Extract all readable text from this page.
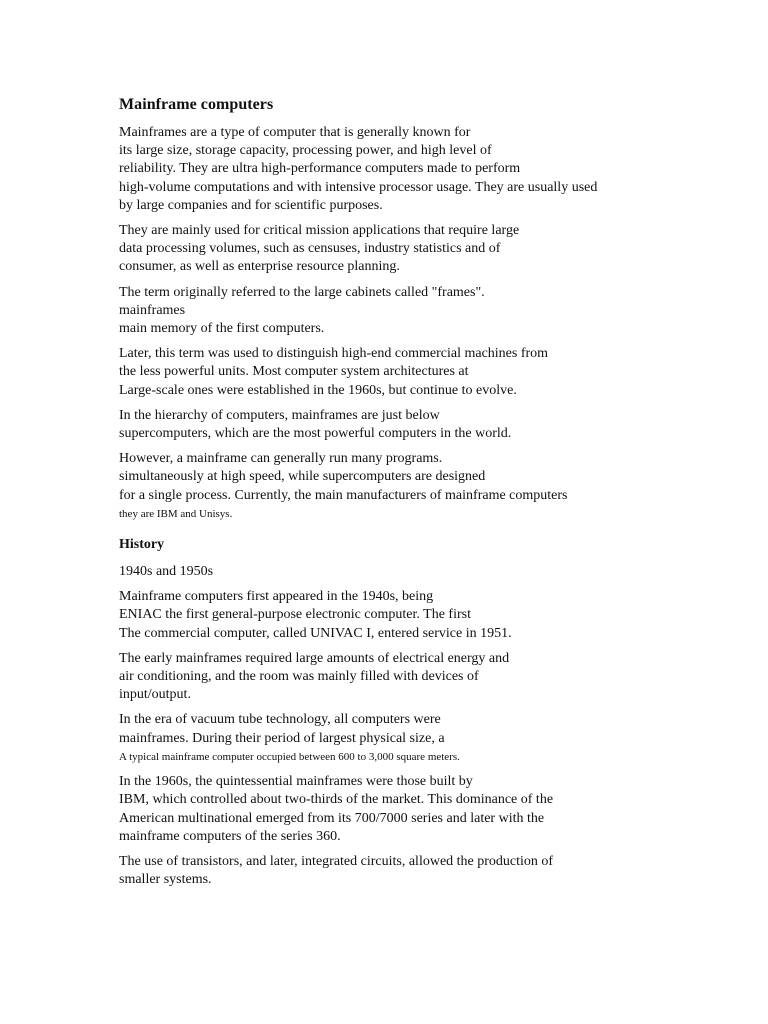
Mainframe computers
Mainframes are a type of computer that is generally known for
its large size, storage capacity, processing power, and high level of
reliability. They are ultra high-performance computers made to perform
high-volume computations and with intensive processor usage. They are usually used
by large companies and for scientific purposes.
They are mainly used for critical mission applications that require large
data processing volumes, such as censuses, industry statistics and of
consumer, as well as enterprise resource planning.
The term originally referred to the large cabinets called "frames".
mainframes
main memory of the first computers.
Later, this term was used to distinguish high-end commercial machines from
the less powerful units. Most computer system architectures at
Large-scale ones were established in the 1960s, but continue to evolve.
In the hierarchy of computers, mainframes are just below
supercomputers, which are the most powerful computers in the world.
However, a mainframe can generally run many programs.
simultaneously at high speed, while supercomputers are designed
for a single process. Currently, the main manufacturers of mainframe computers
they are IBM and Unisys.
History
1940s and 1950s
Mainframe computers first appeared in the 1940s, being
ENIAC the first general-purpose electronic computer. The first
The commercial computer, called UNIVAC I, entered service in 1951.
The early mainframes required large amounts of electrical energy and
air conditioning, and the room was mainly filled with devices of
input/output.
In the era of vacuum tube technology, all computers were
mainframes. During their period of largest physical size, a
A typical mainframe computer occupied between 600 to 3,000 square meters.
In the 1960s, the quintessential mainframes were those built by
IBM, which controlled about two-thirds of the market. This dominance of the
American multinational emerged from its 700/7000 series and later with the
mainframe computers of the series 360.
The use of transistors, and later, integrated circuits, allowed the production of
smaller systems.
